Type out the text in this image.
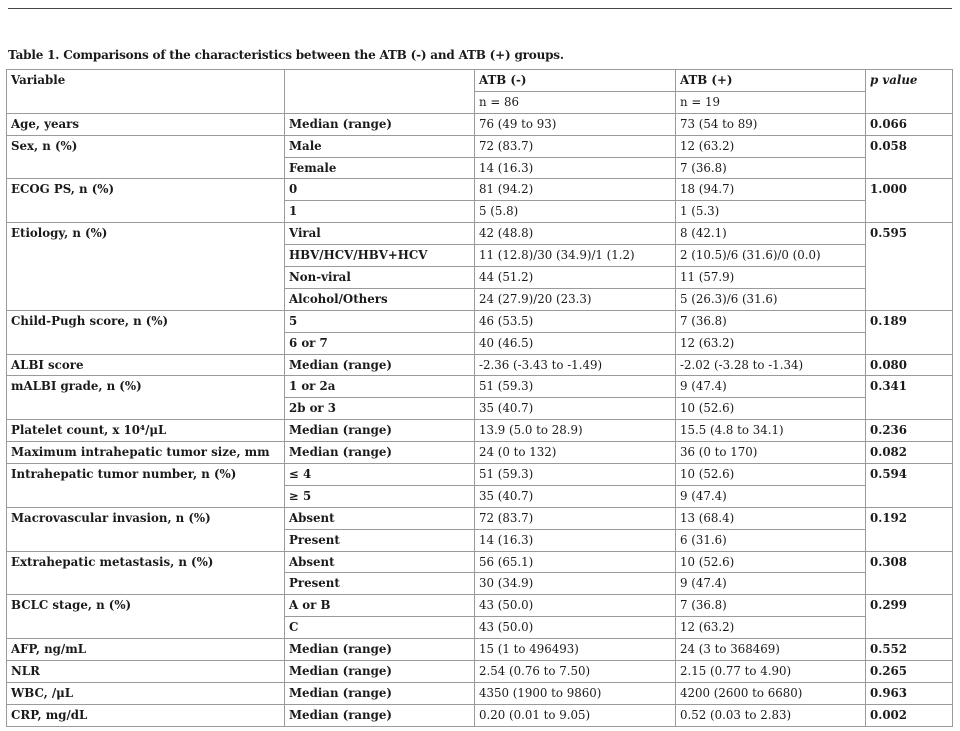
Table 1. Comparisons of the characteristics between the ATB (-) and ATB (+) groups.
Variable		ATB (-)	ATB (+)	p value
		n = 86	n = 19	
Age, years	Median (range)	76 (49 to 93)	73 (54 to 89)	0.066
Sex, n (%)	Male	72 (83.7)	12 (63.2)	0.058
	Female	14 (16.3)	7 (36.8)	
ECOG PS, n (%)	0	81 (94.2)	18 (94.7)	1.000
	1	5 (5.8)	1 (5.3)	
Etiology, n (%)	Viral	42 (48.8)	8 (42.1)	0.595
	HBV/HCV/HBV+HCV	11 (12.8)/30 (34.9)/1 (1.2)	2 (10.5)/6 (31.6)/0 (0.0)	
	Non-viral	44 (51.2)	11 (57.9)	
	Alcohol/Others	24 (27.9)/20 (23.3)	5 (26.3)/6 (31.6)	
Child-Pugh score, n (%)	5	46 (53.5)	7 (36.8)	0.189
	6 or 7	40 (46.5)	12 (63.2)	
ALBI score	Median (range)	-2.36 (-3.43 to -1.49)	-2.02 (-3.28 to -1.34)	0.080
mALBI grade, n (%)	1 or 2a	51 (59.3)	9 (47.4)	0.341
	2b or 3	35 (40.7)	10 (52.6)	
Platelet count, x 10⁴/μL	Median (range)	13.9 (5.0 to 28.9)	15.5 (4.8 to 34.1)	0.236
Maximum intrahepatic tumor size, mm	Median (range)	24 (0 to 132)	36 (0 to 170)	0.082
Intrahepatic tumor number, n (%)	≤ 4	51 (59.3)	10 (52.6)	0.594
	≥ 5	35 (40.7)	9 (47.4)	
Macrovascular invasion, n (%)	Absent	72 (83.7)	13 (68.4)	0.192
	Present	14 (16.3)	6 (31.6)	
Extrahepatic metastasis, n (%)	Absent	56 (65.1)	10 (52.6)	0.308
	Present	30 (34.9)	9 (47.4)	
BCLC stage, n (%)	A or B	43 (50.0)	7 (36.8)	0.299
	C	43 (50.0)	12 (63.2)	
AFP, ng/mL	Median (range)	15 (1 to 496493)	24 (3 to 368469)	0.552
NLR	Median (range)	2.54 (0.76 to 7.50)	2.15 (0.77 to 4.90)	0.265
WBC, /μL	Median (range)	4350 (1900 to 9860)	4200 (2600 to 6680)	0.963
CRP, mg/dL	Median (range)	0.20 (0.01 to 9.05)	0.52 (0.03 to 2.83)	0.002
